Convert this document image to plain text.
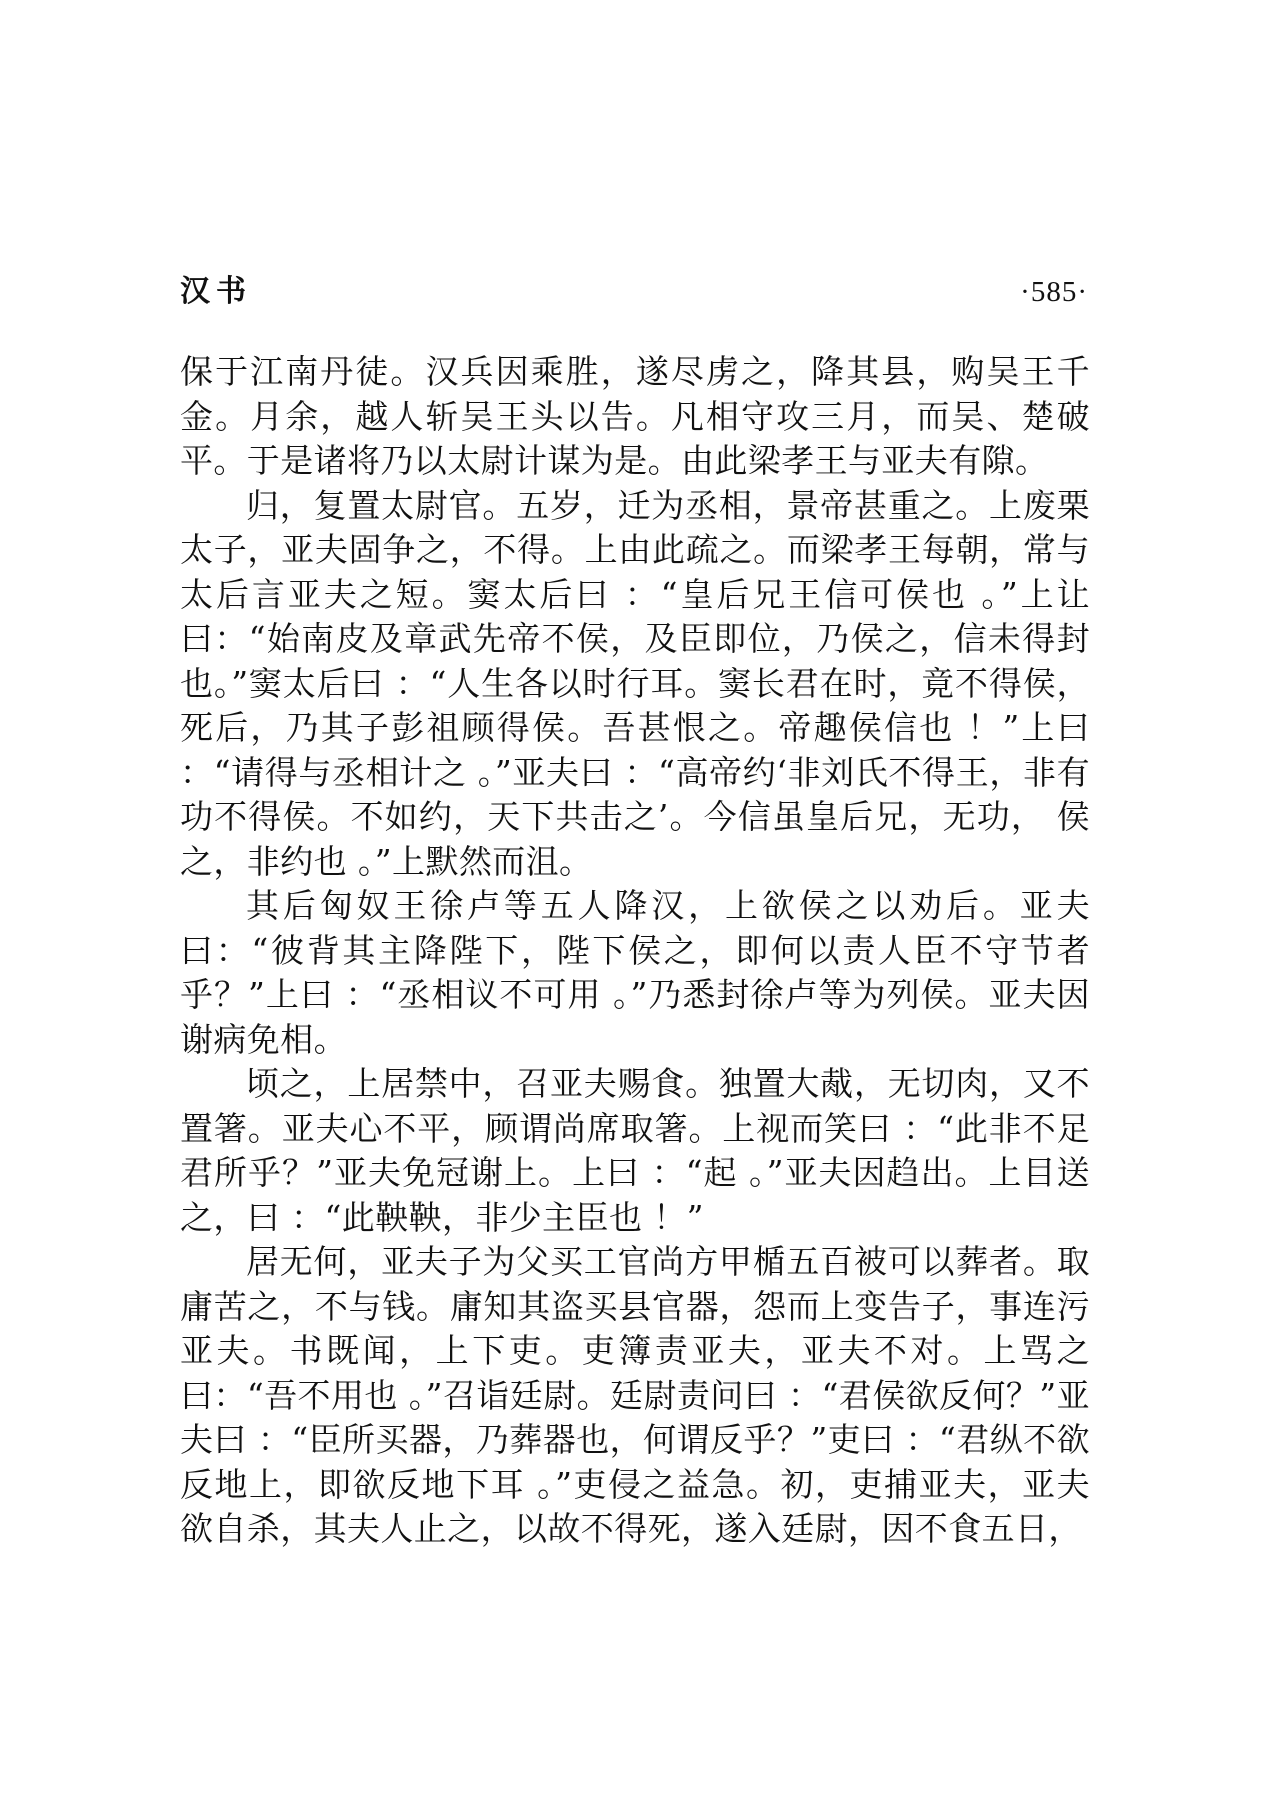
汉书	·585·

保于江南丹徒。汉兵因乘胜，遂尽虏之，降其县，购吴王千金。月余，越人斩吴王头以告。凡相守攻三月，而吴、楚破平。于是诸将乃以太尉计谋为是。由此梁孝王与亚夫有隙。

归，复置太尉官。五岁，迁为丞相，景帝甚重之。上废栗太子，亚夫固争之，不得。上由此疏之。而梁孝王每朝，常与太后言亚夫之短。窦太后曰 ：“皇后兄王信可侯也 。”上让曰：“始南皮及章武先帝不侯，及臣即位，乃侯之，信未得封也。”窦太后曰 ：“人生各以时行耳。窦长君在时，竟不得侯，死后，乃其子彭祖顾得侯。吾甚恨之。帝趣侯信也 ！”上曰 ：“请得与丞相计之 。”亚夫曰 ：“高帝约‘非刘氏不得王，非有功不得侯。不如约，天下共击之’。今信虽皇后兄，无功， 侯之，非约也 。”上默然而沮。

其后匈奴王徐卢等五人降汉，上欲侯之以劝后。亚夫曰：“彼背其主降陛下，陛下侯之，即何以责人臣不守节者乎？”上曰 ：“丞相议不可用 。”乃悉封徐卢等为列侯。亚夫因谢病免相。

顷之，上居禁中，召亚夫赐食。独置大胾，无切肉，又不置箸。亚夫心不平，顾谓尚席取箸。上视而笑曰 ：“此非不足君所乎？”亚夫免冠谢上。上曰 ：“起 。”亚夫因趋出。上目送之，曰 ：“此鞅鞅，非少主臣也 ！”

居无何，亚夫子为父买工官尚方甲楯五百被可以葬者。取庸苦之，不与钱。庸知其盗买县官器，怨而上变告子，事连污亚夫。书既闻，上下吏。吏簿责亚夫，亚夫不对。上骂之曰：“吾不用也 。”召诣廷尉。廷尉责问曰 ：“君侯欲反何？”亚夫曰 ：“臣所买器，乃葬器也，何谓反乎？”吏曰 ：“君纵不欲反地上，即欲反地下耳 。”吏侵之益急。初，吏捕亚夫，亚夫欲自杀，其夫人止之，以故不得死，遂入廷尉，因不食五日，
